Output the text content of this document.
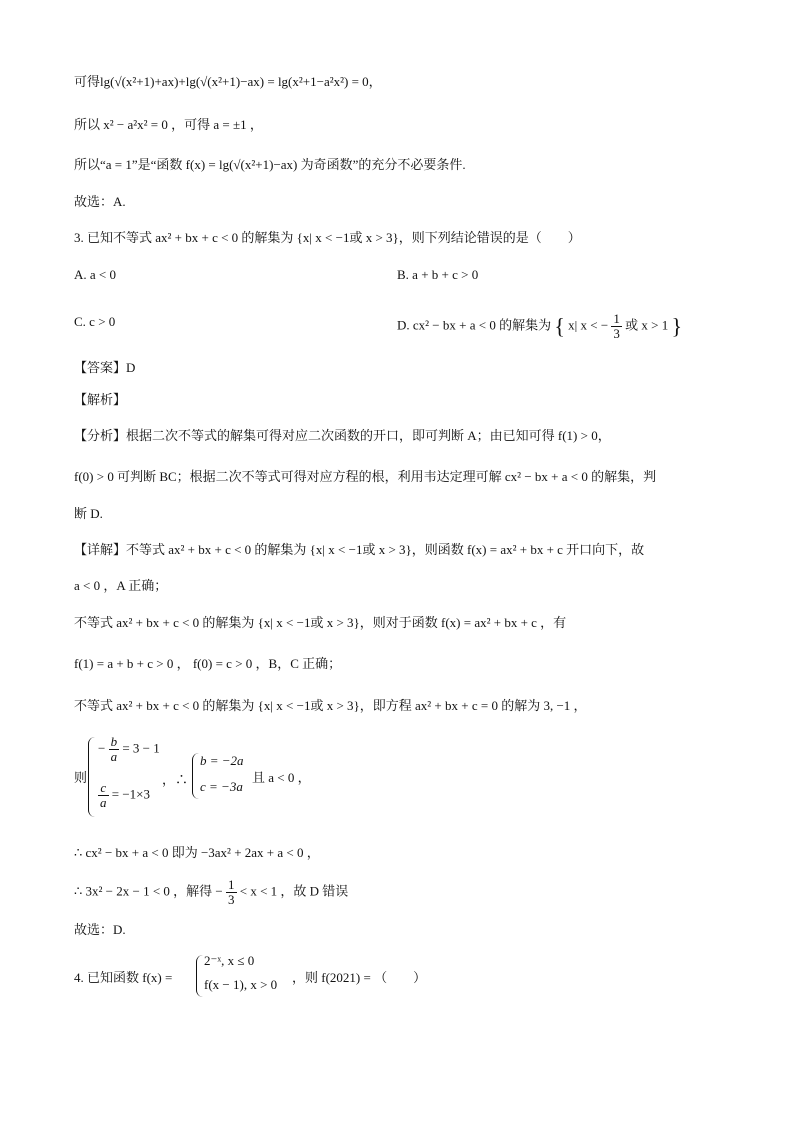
可得lg(√(x²+1)+ax)+lg(√(x²+1)−ax) = lg(x²+1−a²x²) = 0，
所以 x² − a²x² = 0 ，可得 a = ±1 ，
所以“a = 1”是“函数 f(x) = lg(√(x²+1)−ax) 为奇函数”的充分不必要条件.
故选：A.
3. 已知不等式 ax² + bx + c < 0 的解集为 {x| x < −1或 x > 3}，则下列结论错误的是（　　）
A. a < 0	B. a + b + c > 0
C. c > 0	D. cx² − bx + a < 0 的解集为 { x| x < − $\frac{1}{3}$ 或 x > 1 }
【答案】D
【解析】
【分析】根据二次不等式的解集可得对应二次函数的开口，即可判断 A；由已知可得 f(1) > 0，
f(0) > 0 可判断 BC；根据二次不等式可得对应方程的根，利用韦达定理可解 cx² − bx + a < 0 的解集，判
断 D.
【详解】不等式 ax² + bx + c < 0 的解集为 {x| x < −1或 x > 3}，则函数 f(x) = ax² + bx + c 开口向下，故
a < 0 ，A 正确；
不等式 ax² + bx + c < 0 的解集为 {x| x < −1或 x > 3}，则对于函数 f(x) = ax² + bx + c ，有
f(1) = a + b + c > 0 ， f(0) = c > 0 ，B，C 正确；
不等式 ax² + bx + c < 0 的解集为 {x| x < −1或 x > 3}，即方程 ax² + bx + c = 0 的解为 3, −1 ，
则
− $\frac{b}{a} = 3 - 1$
$\frac{c}{a} = -1\times 3$
，∴
b = −2a
c = −3a
且 a < 0 ，
∴ cx² − bx + a < 0 即为 −3ax² + 2ax + a < 0 ，
∴ 3x² − 2x − 1 < 0 ，解得 − $\frac{1}{3} < x < 1$ ，故 D 错误
故选：D.
4. 已知函数 f(x) =
2⁻ˣ, x ≤ 0
f(x − 1), x > 0 ，则 f(2021) = （　　）
